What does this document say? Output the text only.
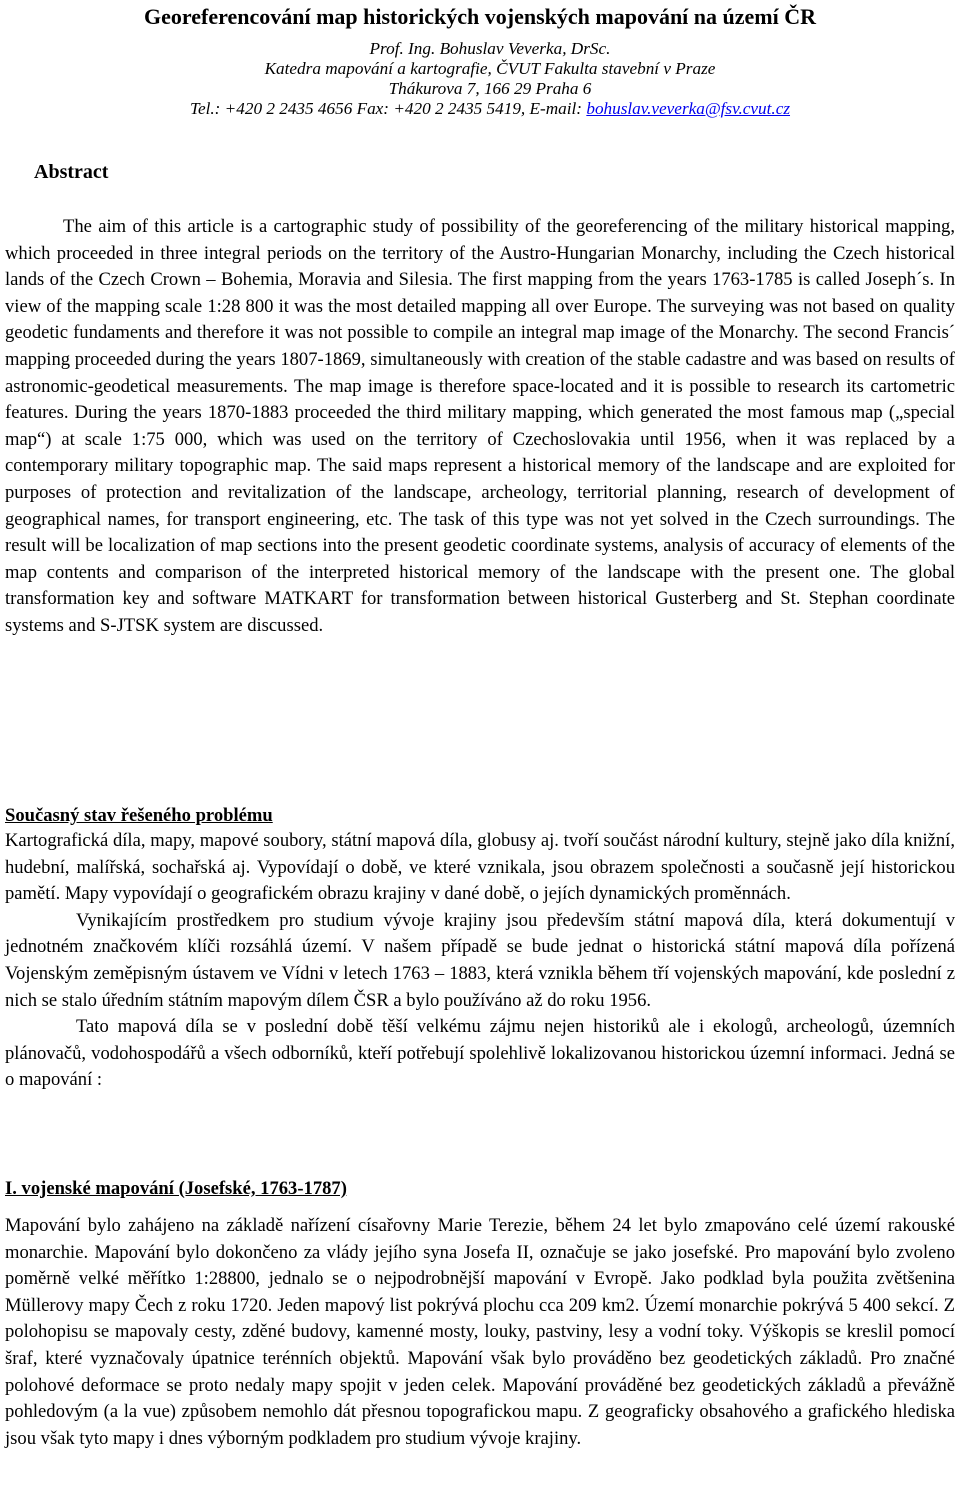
Georeferencování map historických vojenských mapování na území ČR
Prof. Ing. Bohuslav Veverka, DrSc.
Katedra mapování a kartografie, ČVUT Fakulta stavební v Praze
Thákurova 7, 166 29 Praha 6
Tel.: +420 2 2435 4656 Fax: +420 2 2435 5419, E-mail: bohuslav.veverka@fsv.cvut.cz
Abstract

The aim of this article is a cartographic study of possibility of the georeferencing of the military historical mapping, which proceeded in three integral periods on the territory of the Austro-Hungarian Monarchy, including the Czech historical lands of the Czech Crown – Bohemia, Moravia and Silesia. The first mapping from the years 1763-1785 is called Joseph´s. In view of the mapping scale 1:28 800 it was the most detailed mapping all over Europe. The surveying was not based on quality geodetic fundaments and therefore it was not possible to compile an integral map image of the Monarchy. The second Francis´ mapping proceeded during the years 1807-1869, simultaneously with creation of the stable cadastre and was based on results of astronomic-geodetical measurements. The map image is therefore space-located and it is possible to research its cartometric features. During the years 1870-1883 proceeded the third military mapping, which generated the most famous map („special map“) at scale 1:75 000, which was used on the territory of Czechoslovakia until 1956, when it was replaced by a contemporary military topographic map. The said maps represent a historical memory of the landscape and are exploited for purposes of protection and revitalization of the landscape, archeology, territorial planning, research of development of geographical names, for transport engineering, etc. The task of this type was not yet solved in the Czech surroundings. The result will be localization of map sections into the present geodetic coordinate systems, analysis of accuracy of elements of the map contents and comparison of the interpreted historical memory of the landscape with the present one. The global transformation key and software MATKART for transformation between historical Gusterberg and St. Stephan coordinate systems and S-JTSK system are discussed.

Současný stav řešeného problému

Kartografická díla, mapy, mapové soubory, státní mapová díla, globusy aj. tvoří součást národní kultury, stejně jako díla knižní, hudební, malířská, sochařská aj. Vypovídají o době, ve které vznikala, jsou obrazem společnosti a současně její historickou pamětí. Mapy vypovídají o geografickém obrazu krajiny v dané době, o jejích dynamických proměnnách.

Vynikajícím prostředkem pro studium vývoje krajiny jsou především státní mapová díla, která dokumentují v jednotném značkovém klíči rozsáhlá území. V našem případě se bude jednat o historická státní mapová díla pořízená Vojenským zeměpisným ústavem ve Vídni v letech 1763 – 1883, která vznikla během tří vojenských mapování, kde poslední z nich se stalo úředním státním mapovým dílem ČSR a bylo používáno až do roku 1956.

Tato mapová díla se v poslední době těší velkému zájmu nejen historiků ale i ekologů, archeologů, územních plánovačů, vodohospodářů a všech odborníků, kteří potřebují spolehlivě lokalizovanou historickou územní informaci. Jedná se o mapování :

I. vojenské mapování (Josefské, 1763-1787)

Mapování bylo zahájeno na základě nařízení císařovny Marie Terezie, během 24 let bylo zmapováno celé území rakouské monarchie. Mapování bylo dokončeno za vlády jejího syna Josefa II, označuje se jako josefské. Pro mapování bylo zvoleno poměrně velké měřítko 1:28800, jednalo se o nejpodrobnější mapování v Evropě. Jako podklad byla použita zvětšenina Müllerovy mapy Čech z roku 1720. Jeden mapový list pokrývá plochu cca 209 km2. Území monarchie pokrývá 5 400 sekcí. Z polohopisu se mapovaly cesty, zděné budovy, kamenné mosty, louky, pastviny, lesy a vodní toky. Výškopis se kreslil pomocí šraf, které vyznačovaly úpatnice terénních objektů. Mapování však bylo prováděno bez geodetických základů. Pro značné polohové deformace se proto nedaly mapy spojit v jeden celek. Mapování prováděné bez geodetických základů a převážně pohledovým (a la vue) způsobem nemohlo dát přesnou topografickou mapu. Z geograficky obsahového a grafického hlediska jsou však tyto mapy i dnes výborným podkladem pro studium vývoje krajiny.
